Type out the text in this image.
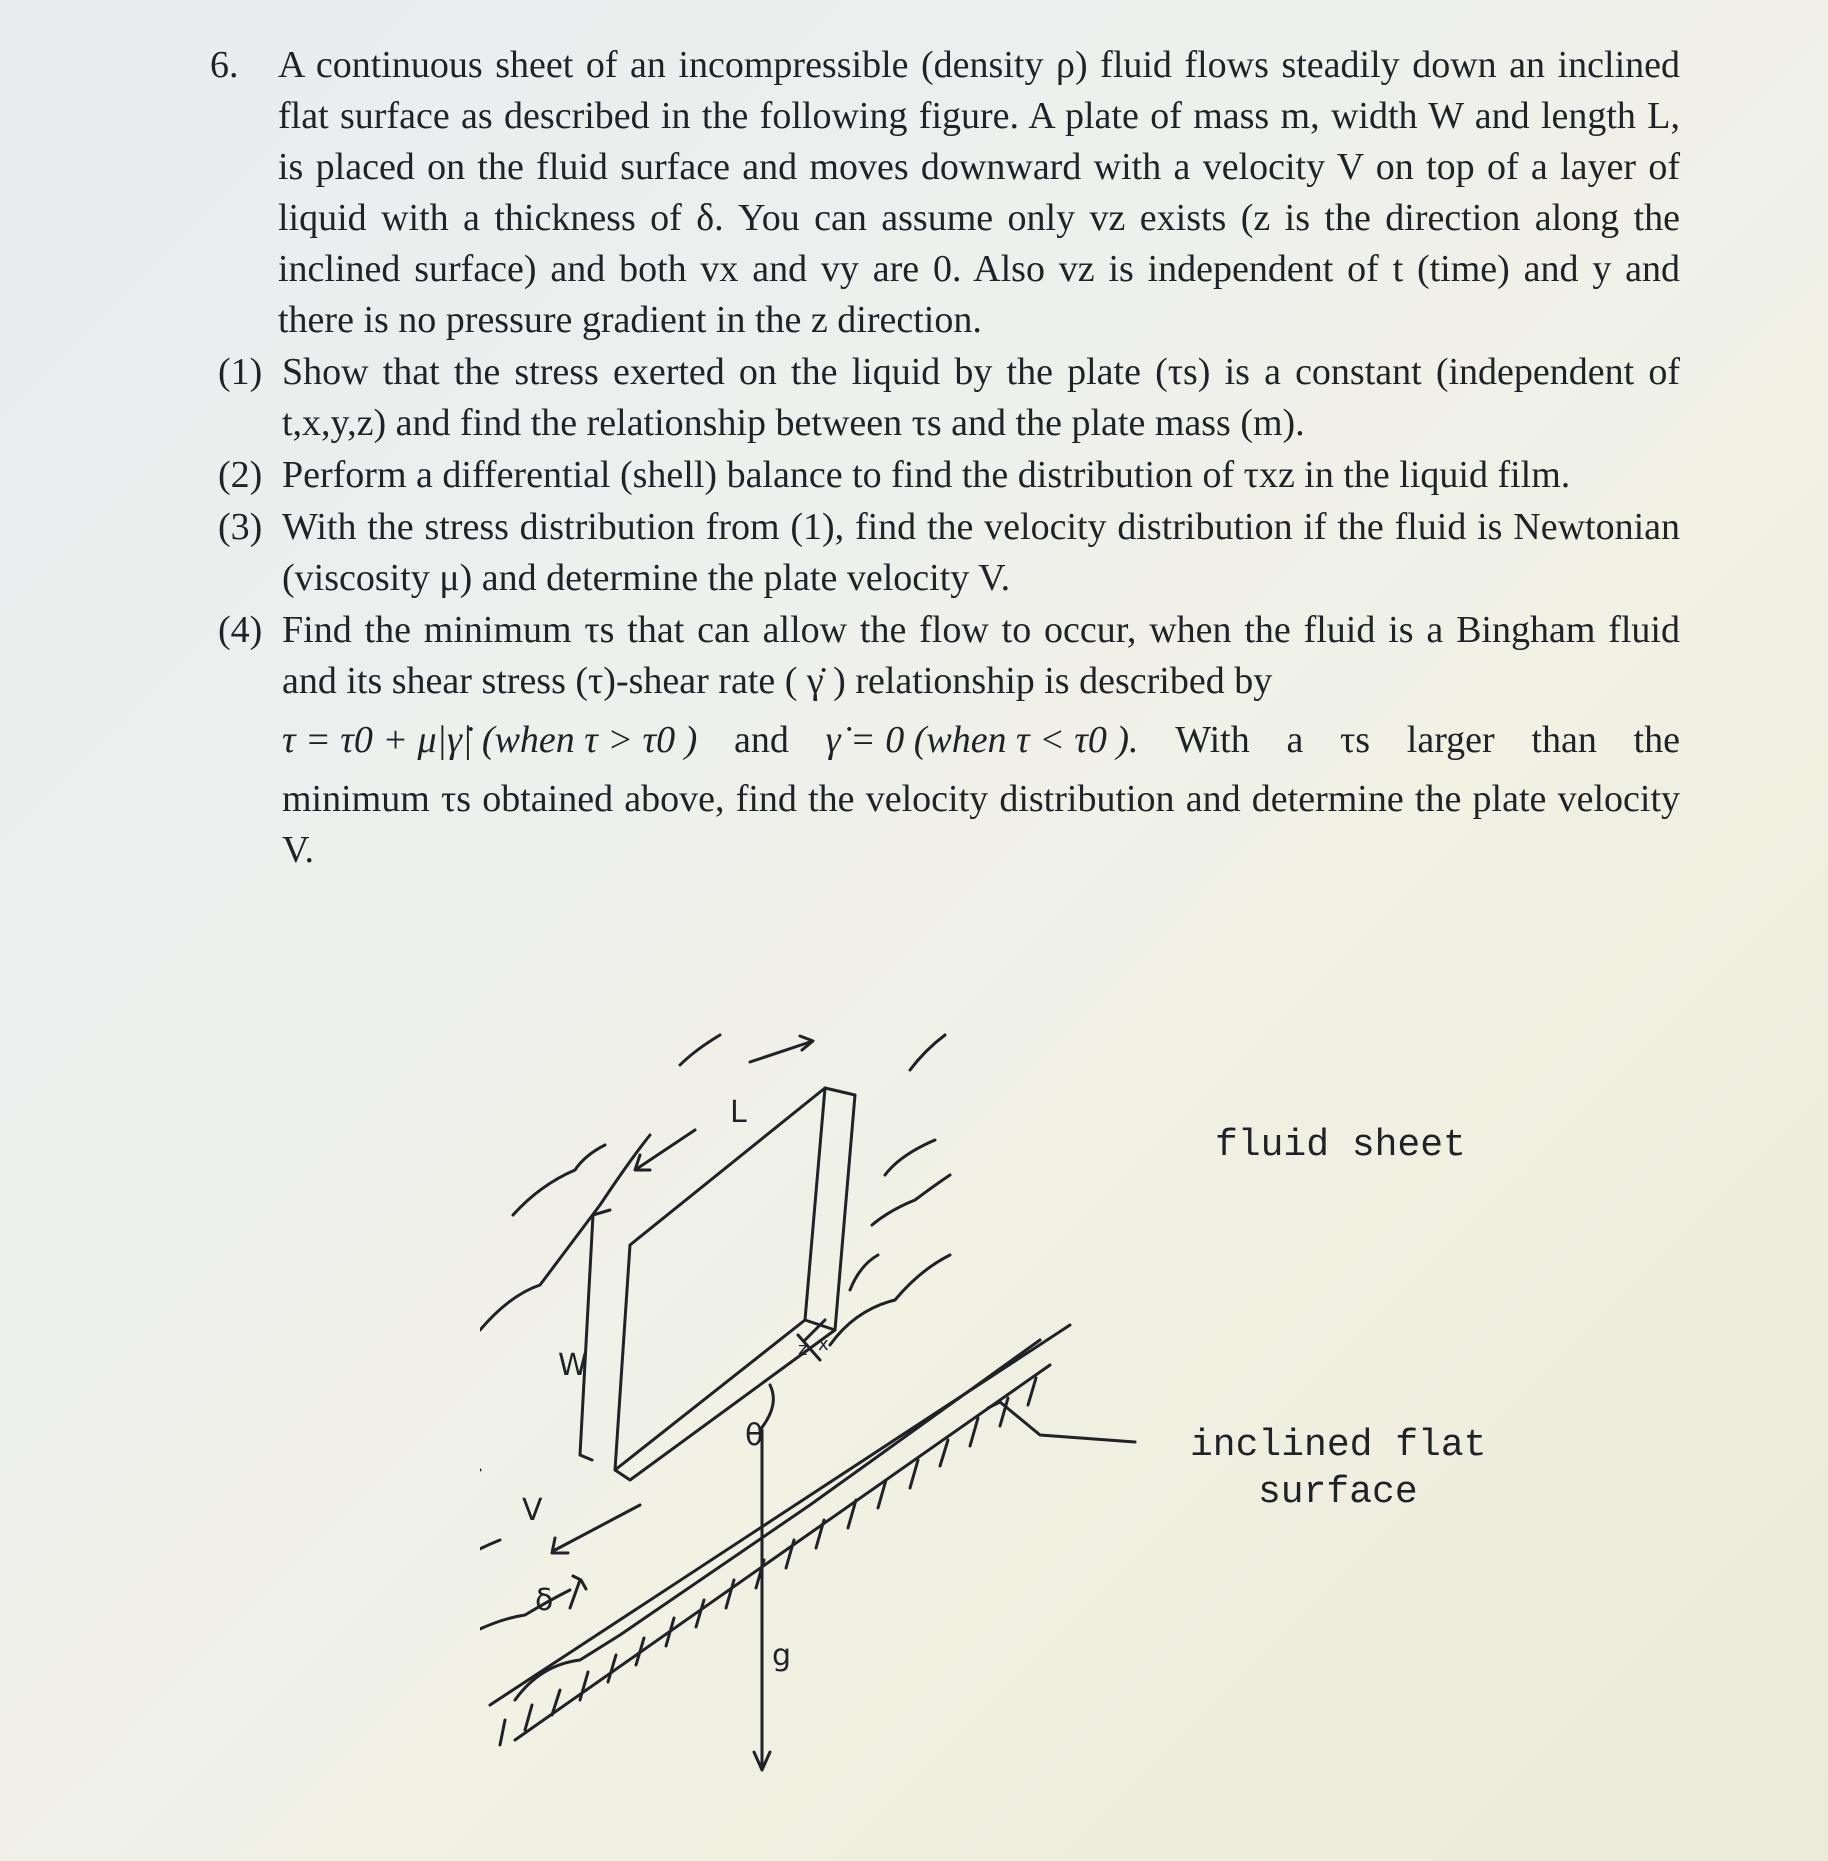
6. A continuous sheet of an incompressible (density ρ) fluid flows steadily down an inclined flat surface as described in the following figure. A plate of mass m, width W and length L, is placed on the fluid surface and moves downward with a velocity V on top of a layer of liquid with a thickness of δ. You can assume only vz exists (z is the direction along the inclined surface) and both vx and vy are 0. Also vz is independent of t (time) and y and there is no pressure gradient in the z direction.
(1) Show that the stress exerted on the liquid by the plate (τs) is a constant (independent of t,x,y,z) and find the relationship between τs and the plate mass (m).
(2) Perform a differential (shell) balance to find the distribution of τxz in the liquid film.
(3) With the stress distribution from (1), find the velocity distribution if the fluid is Newtonian (viscosity μ) and determine the plate velocity V.
(4) Find the minimum τs that can allow the flow to occur, when the fluid is a Bingham fluid and its shear stress (τ)-shear rate ( γ̇ ) relationship is described by
τ = τ0 + μ|γ̇| (when τ > τ0 ) and γ̇ = 0 (when τ < τ0 ). With a τs larger than the
minimum τs obtained above, find the velocity distribution and determine the plate velocity V.
L
W
V
δ
θ
g
z x
fluid sheet
inclined flat
surface
